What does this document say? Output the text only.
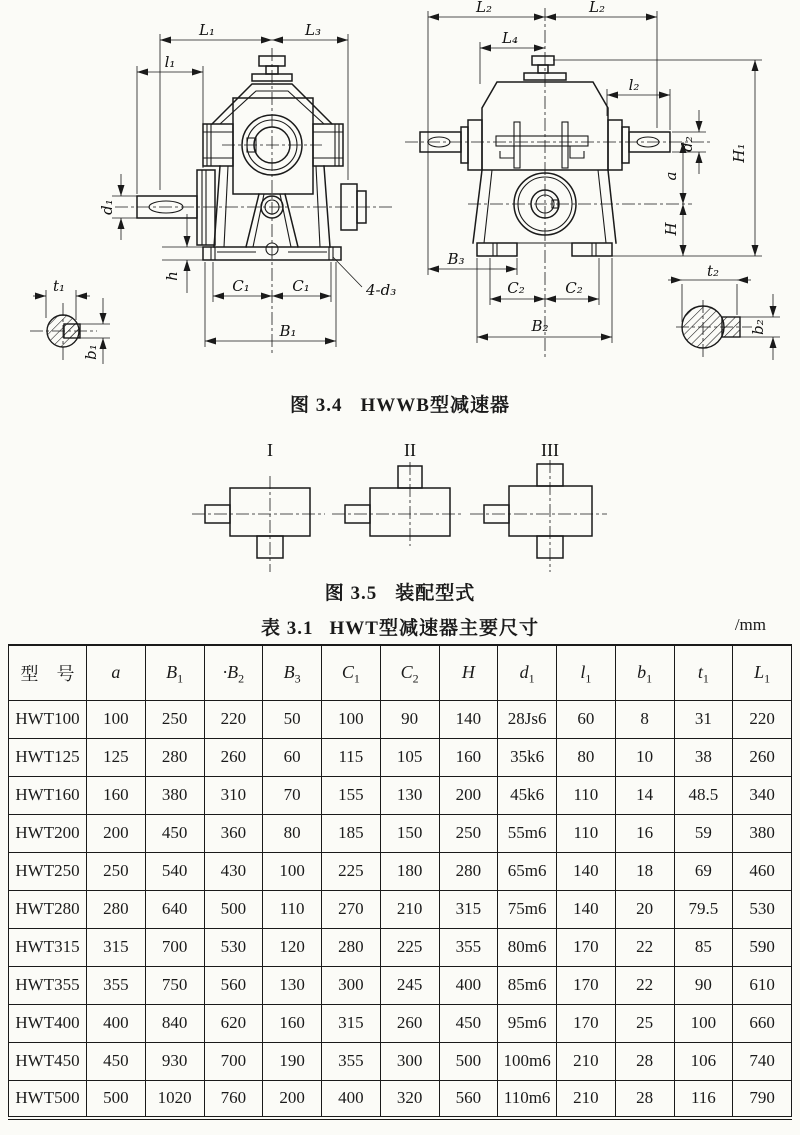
L₁	L₃
l₁
d₁
h
C₁	C₁
B₁
4-d₃
t₁
b₁
L₂	L₂
L₄
l₂
d₂
a
H
H₁
B₃
C₂	C₂
B₂
t₂
b₂
图 3.4 HWWB型减速器
I	II	III
图 3.5 装配型式
表 3.1 HWT型减速器主要尺寸	/mm
型　号	a	$B_1$	$\cdot B_2$	$B_3$	$C_1$	$C_2$	H	$d_1$	$l_1$	$b_1$	$t_1$	$L_1$
HWT100	100	250	220	50	100	90	140	28Js6	60	8	31	220
HWT125	125	280	260	60	115	105	160	35k6	80	10	38	260
HWT160	160	380	310	70	155	130	200	45k6	110	14	48.5	340
HWT200	200	450	360	80	185	150	250	55m6	110	16	59	380
HWT250	250	540	430	100	225	180	280	65m6	140	18	69	460
HWT280	280	640	500	110	270	210	315	75m6	140	20	79.5	530
HWT315	315	700	530	120	280	225	355	80m6	170	22	85	590
HWT355	355	750	560	130	300	245	400	85m6	170	22	90	610
HWT400	400	840	620	160	315	260	450	95m6	170	25	100	660
HWT450	450	930	700	190	355	300	500	100m6	210	28	106	740
HWT500	500	1020	760	200	400	320	560	110m6	210	28	116	790
